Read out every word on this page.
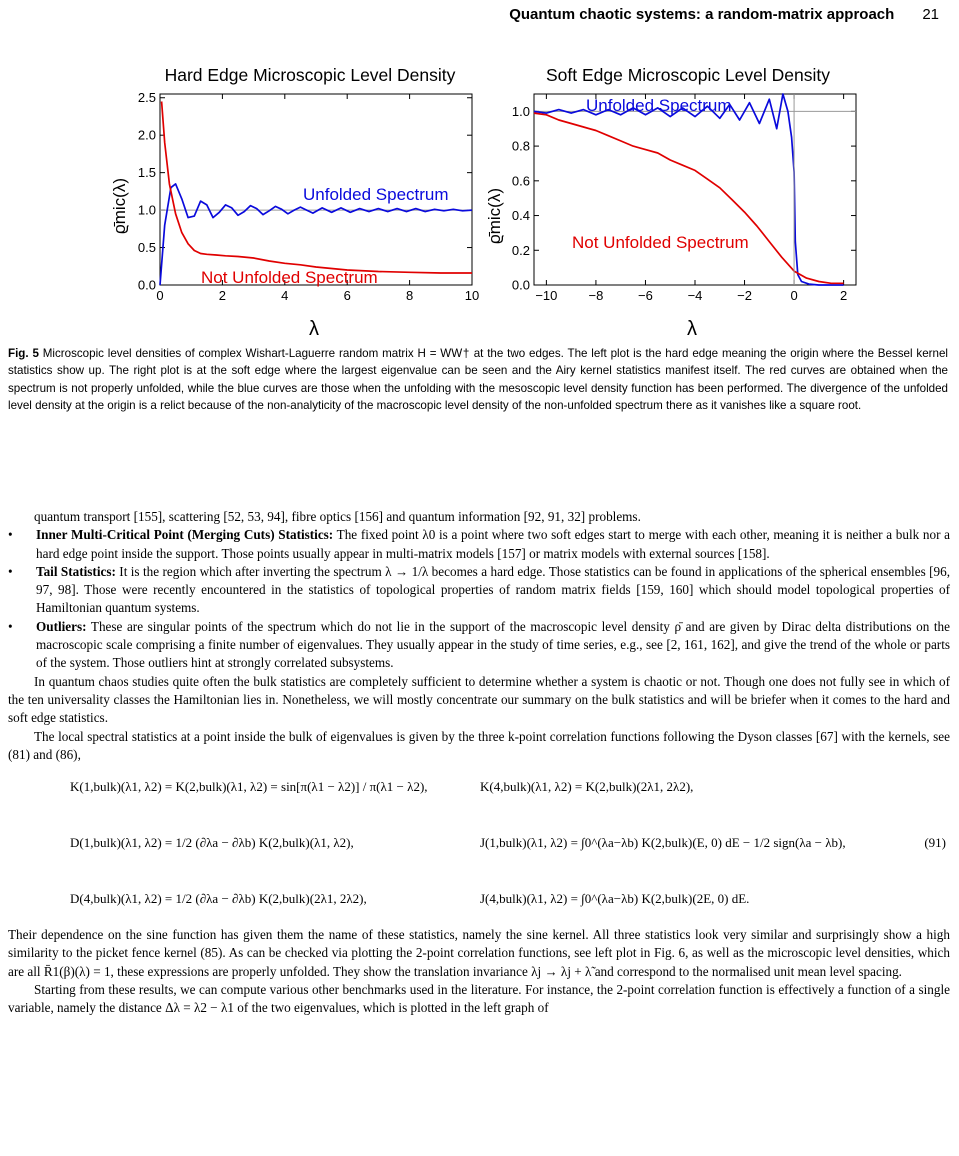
Quantum chaotic systems: a random-matrix approach 21
Hard Edge Microscopic Level Density
ϱ̄mic(λ)
λ
0	2	4	6	8	10
0.0
0.5
1.0
1.5
2.0
2.5
Unfolded Spectrum
Not Unfolded Spectrum
Soft Edge Microscopic Level Density
ϱ̄mic(λ)
λ
−10 −8	−6	−4	−2	0	2
0.0
0.2
0.4
0.6
0.8
1.0	Unfolded Spectrum
Not Unfolded Spectrum
Fig. 5 Microscopic level densities of complex Wishart-Laguerre random matrix H = WW† at the two edges. The left plot is the hard edge meaning the origin where the Bessel kernel statistics show up. The right plot is at the soft edge where the largest eigenvalue can be seen and the Airy kernel statistics manifest itself. The red curves are obtained when the spectrum is not properly unfolded, while the blue curves are those when the unfolding with the mesoscopic level density function has been performed. The divergence of the unfolded level density at the origin is a relict because of the non-analyticity of the macroscopic level density of the non-unfolded spectrum there as it vanishes like a square root.

quantum transport [155], scattering [52, 53, 94], fibre optics [156] and quantum information [92, 91, 32] problems.

• Inner Multi-Critical Point (Merging Cuts) Statistics: The fixed point λ0 is a point where two soft edges start to merge with each other, meaning it is neither a bulk nor a hard edge point inside the support. Those points usually appear in multi-matrix models [157] or matrix models with external sources [158].
• Tail Statistics: It is the region which after inverting the spectrum λ → 1/λ becomes a hard edge. Those statistics can be found in applications of the spherical ensembles [96, 97, 98]. Those were recently encountered in the statistics of topological properties of random matrix fields [159, 160] which should model topological properties of Hamiltonian quantum systems.
• Outliers: These are singular points of the spectrum which do not lie in the support of the macroscopic level density ρ̄ and are given by Dirac delta distributions on the macroscopic scale comprising a finite number of eigenvalues. They usually appear in the study of time series, e.g., see [2, 161, 162], and give the trend of the whole or parts of the system. Those outliers hint at strongly correlated subsystems.

In quantum chaos studies quite often the bulk statistics are completely sufficient to determine whether a system is chaotic or not. Though one does not fully see in which of the ten universality classes the Hamiltonian lies in. Nonetheless, we will mostly concentrate our summary on the bulk statistics and will be briefer when it comes to the hard and soft edge statistics.

The local spectral statistics at a point inside the bulk of eigenvalues is given by the three k-point correlation functions following the Dyson classes [67] with the kernels, see (81) and (86),

K(1,bulk)(λ1, λ2) = K(2,bulk)(λ1, λ2) = sin[π(λ1 − λ2)] / π(λ1 − λ2),	K(4,bulk)(λ1, λ2) = K(2,bulk)(2λ1, 2λ2),
D(1,bulk)(λ1, λ2) = 1/2 (∂λa − ∂λb) K(2,bulk)(λ1, λ2),	J(1,bulk)(λ1, λ2) = ∫0^(λa−λb) K(2,bulk)(E, 0) dE − 1/2 sign(λa − λb),
D(4,bulk)(λ1, λ2) = 1/2 (∂λa − ∂λb) K(2,bulk)(2λ1, 2λ2),	J(4,bulk)(λ1, λ2) = ∫0^(λa−λb) K(2,bulk)(2E, 0) dE.
(91)

Their dependence on the sine function has given them the name of these statistics, namely the sine kernel. All three statistics look very similar and surprisingly show a high similarity to the picket fence kernel (85). As can be checked via plotting the 2-point correlation functions, see left plot in Fig. 6, as well as the microscopic level densities, which are all R̄1(β)(λ) = 1, these expressions are properly unfolded. They show the translation invariance λj → λj + λ̃ and correspond to the normalised unit mean level spacing.

Starting from these results, we can compute various other benchmarks used in the literature. For instance, the 2-point correlation function is effectively a function of a single variable, namely the distance Δλ = λ2 − λ1 of the two eigenvalues, which is plotted in the left graph of
